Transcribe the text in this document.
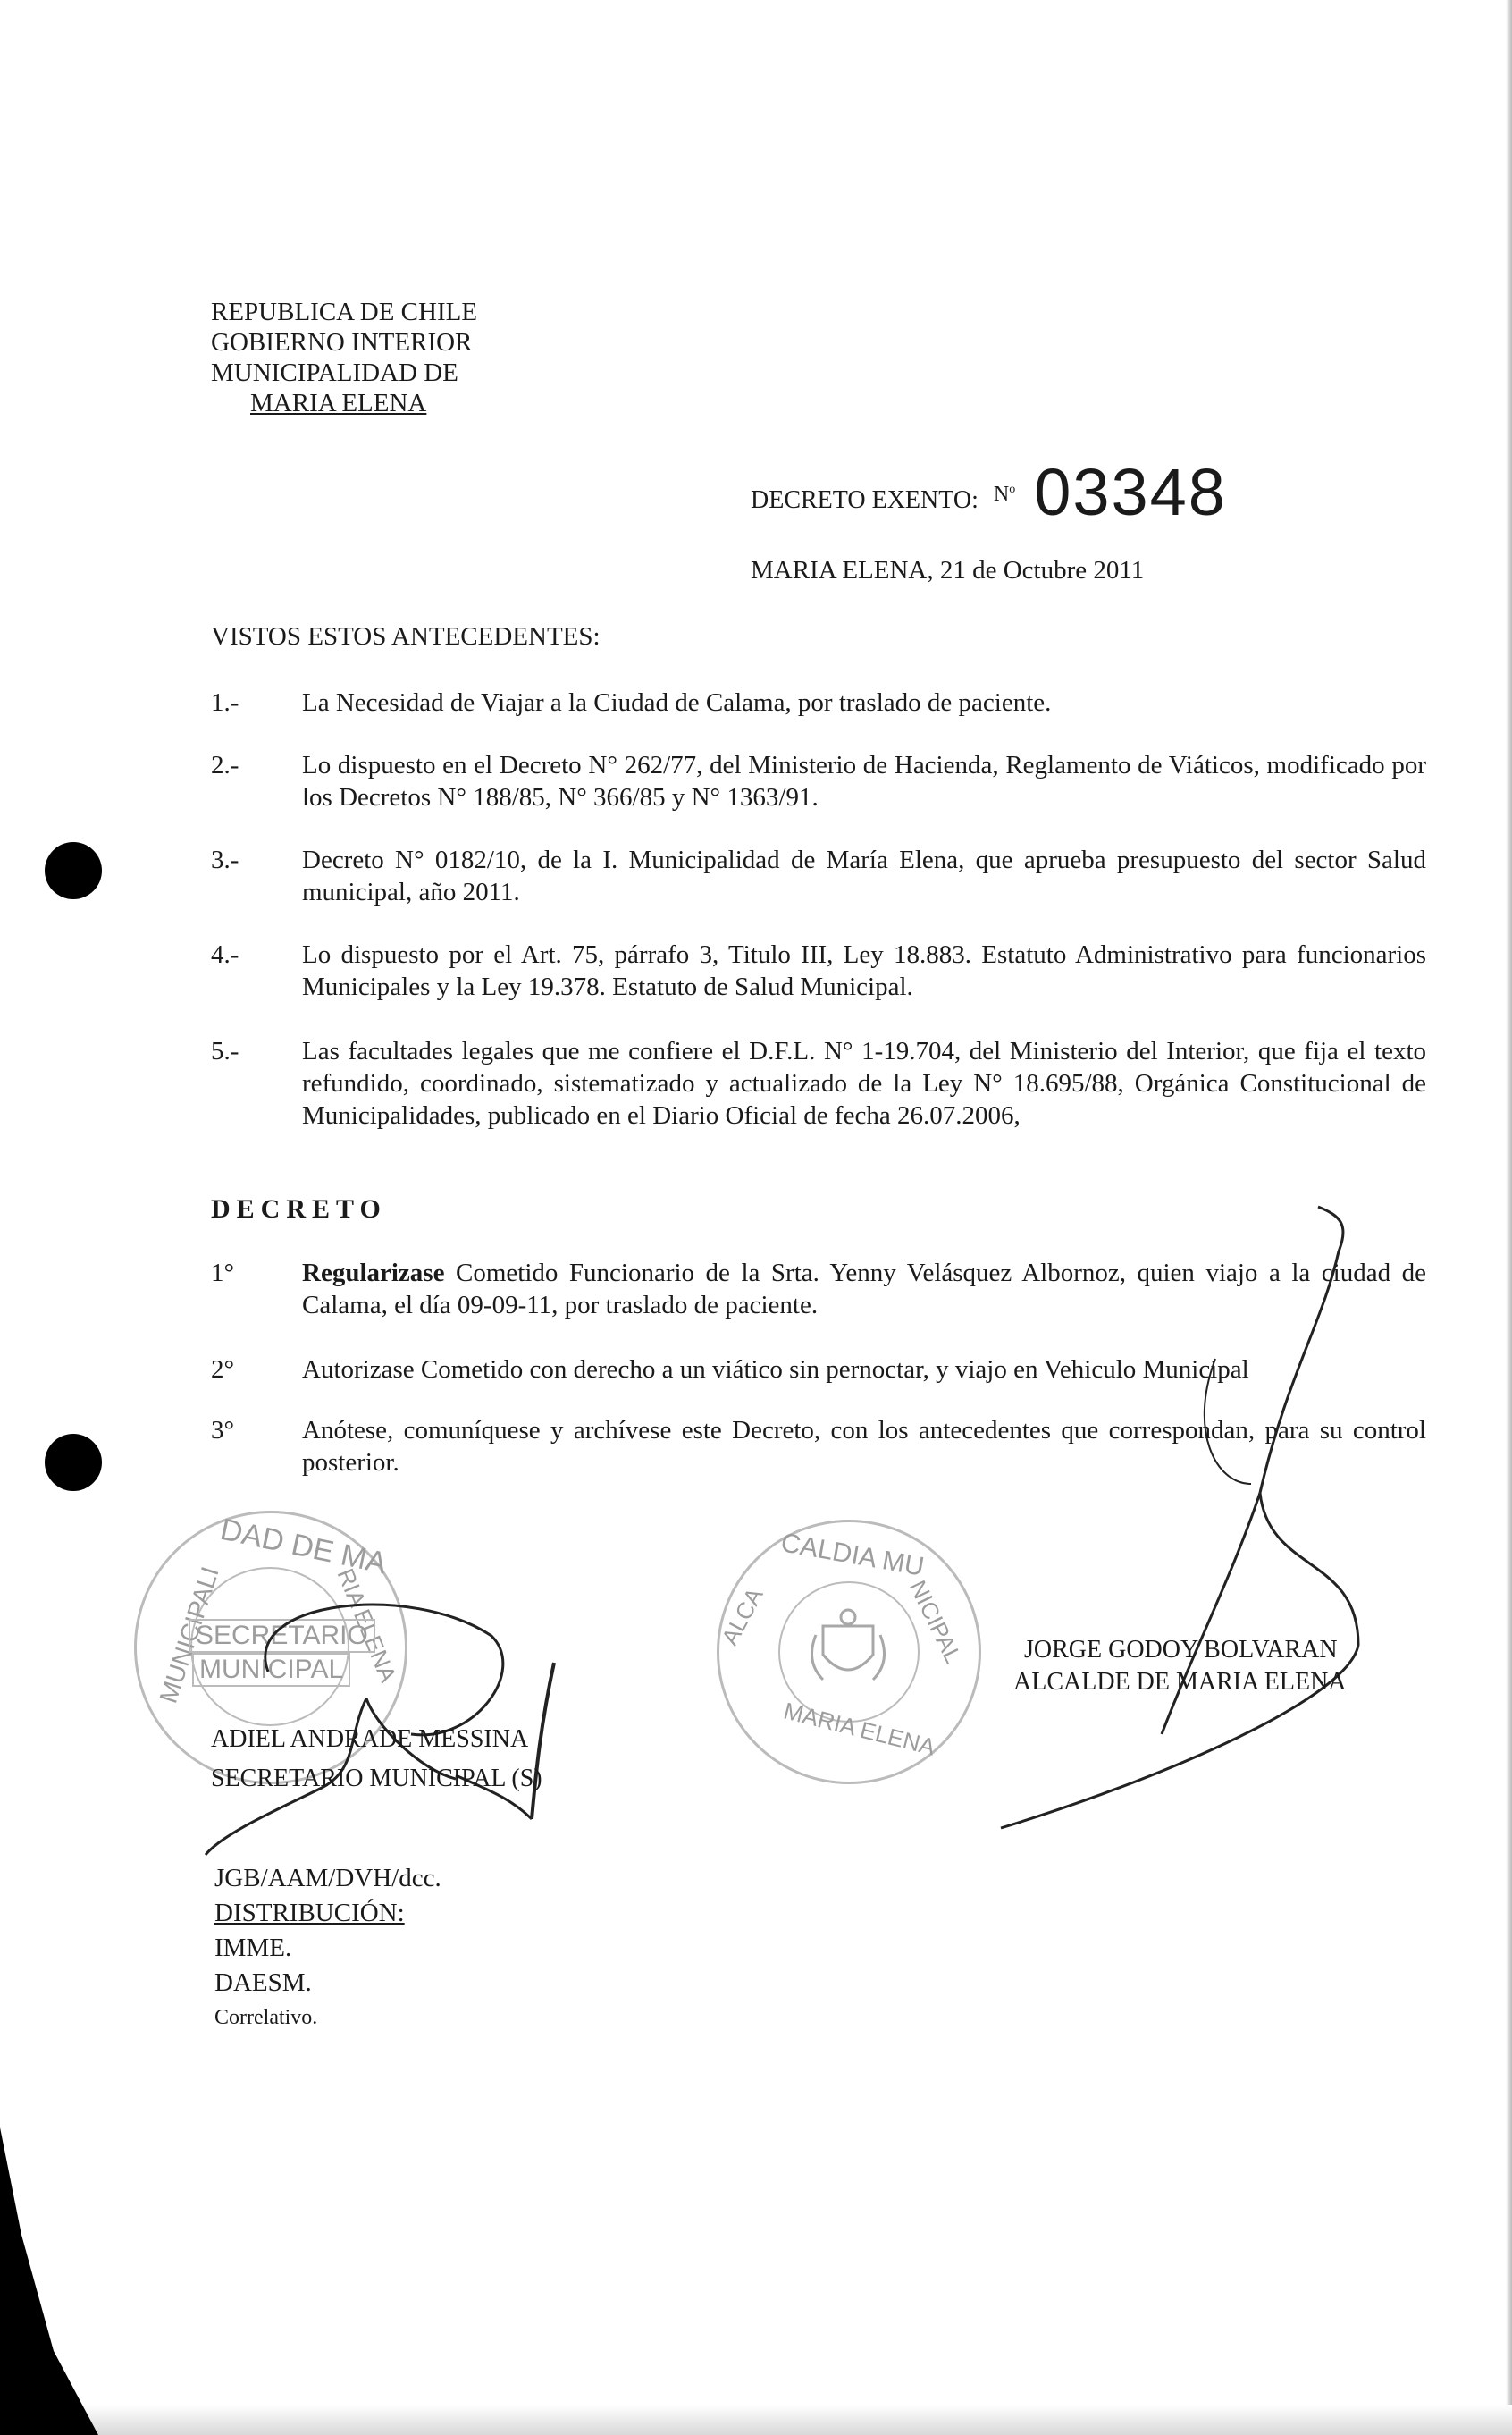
REPUBLICA DE CHILE
GOBIERNO INTERIOR
MUNICIPALIDAD DE
MARIA ELENA
DECRETO EXENTO: $N^o$ 03348
MARIA ELENA, 21 de Octubre 2011
VISTOS ESTOS ANTECEDENTES:
1.- La Necesidad de Viajar a la Ciudad de Calama, por traslado de paciente.
2.- Lo dispuesto en el Decreto N° 262/77, del Ministerio de Hacienda, Reglamento de Viáticos, modificado por los Decretos N° 188/85, N° 366/85 y N° 1363/91.
3.- Decreto N° 0182/10, de la I. Municipalidad de María Elena, que aprueba presupuesto del sector Salud municipal, año 2011.
4.- Lo dispuesto por el Art. 75, párrafo 3, Titulo III, Ley 18.883. Estatuto Administrativo para funcionarios Municipales y la Ley 19.378. Estatuto de Salud Municipal.
5.- Las facultades legales que me confiere el D.F.L. N° 1-19.704, del Ministerio del Interior, que fija el texto refundido, coordinado, sistematizado y actualizado de la Ley N° 18.695/88, Orgánica Constitucional de Municipalidades, publicado en el Diario Oficial de fecha 26.07.2006,
DECRETO
1°	Regularizase Cometido Funcionario de la Srta. Yenny Velásquez Albornoz, quien viajo a la ciudad de Calama, el día 09-09-11, por traslado de paciente.
2°	Autorizase Cometido con derecho a un viático sin pernoctar, y viajo en Vehiculo Municipal
3°	Anótese, comuníquese y archívese este Decreto, con los antecedentes que correspondan, para su control posterior.
DAD DE MA
MUNICIPALI	RIA ELENA
SECRETARIO
MUNICIPAL
CALDIA MU
ALCA	NICIPAL
MARIA ELENA
ADIEL ANDRADE MESSINA
SECRETARIO MUNICIPAL (S)
JORGE GODOY BOLVARAN
ALCALDE DE MARIA ELENA
JGB/AAM/DVH/dcc.
DISTRIBUCIÓN:
IMME.
DAESM.
Correlativo.
